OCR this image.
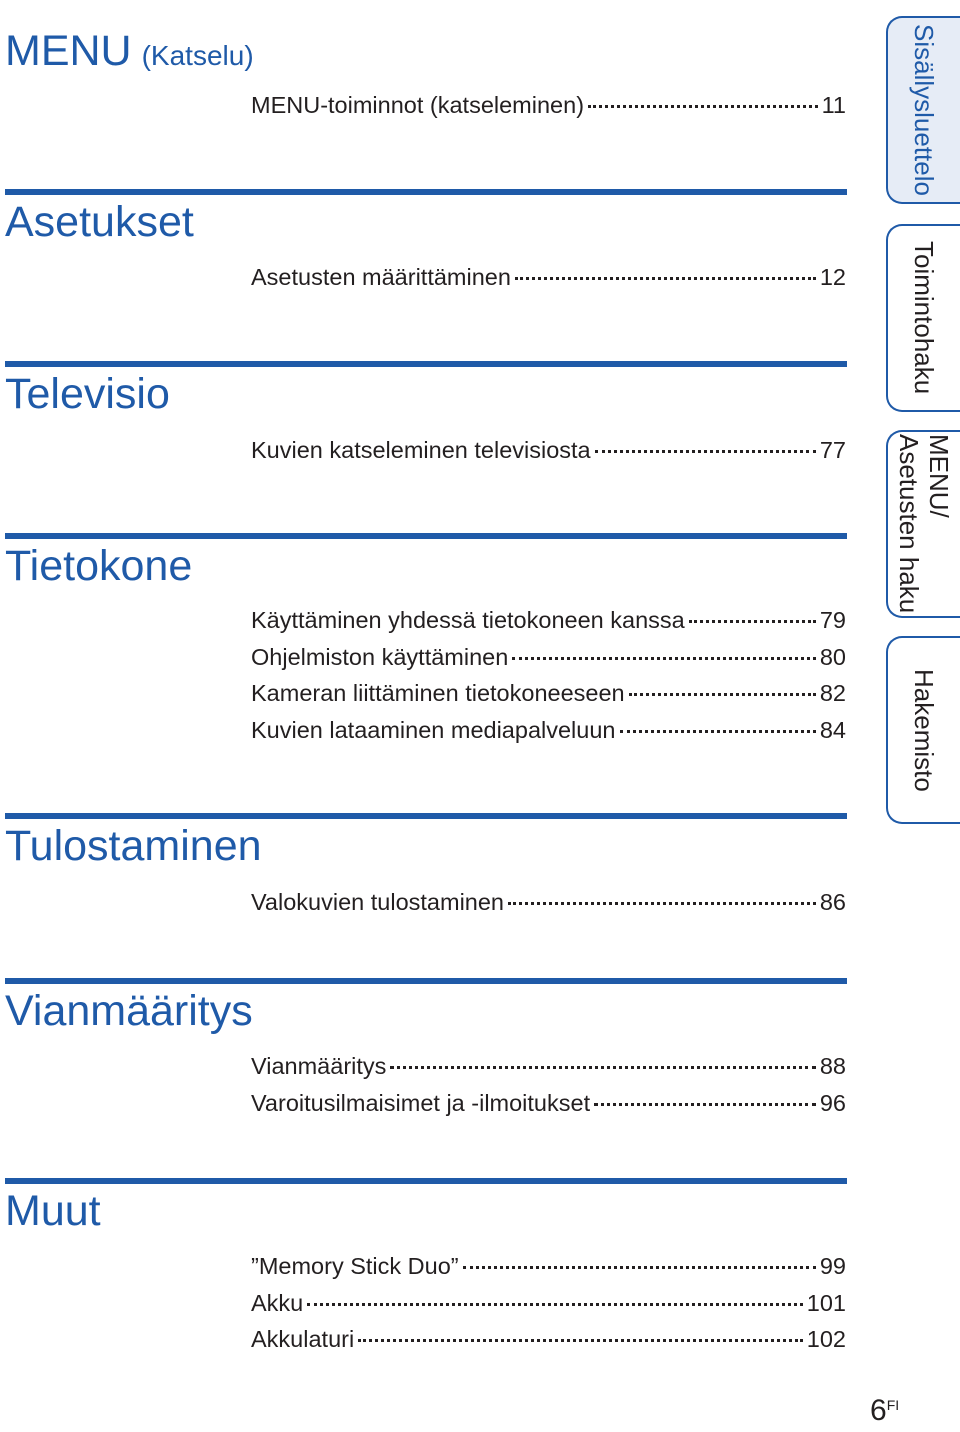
MENU (Katselu)
MENU-toiminnot (katseleminen)	11
Asetukset
Asetusten määrittäminen	12
Televisio
Kuvien katseleminen televisiosta	77
Tietokone
Käyttäminen yhdessä tietokoneen kanssa	79
Ohjelmiston käyttäminen	80
Kameran liittäminen tietokoneeseen	82
Kuvien lataaminen mediapalveluun	84
Tulostaminen
Valokuvien tulostaminen	86
Vianmääritys
Vianmääritys	88
Varoitusilmaisimet ja -ilmoitukset	96
Muut
”Memory Stick Duo”	99
Akku	101
Akkulaturi	102
Sisällysluettelo
Toimintohaku
MENU/
Asetusten haku
Hakemisto
$6^{FI}$
